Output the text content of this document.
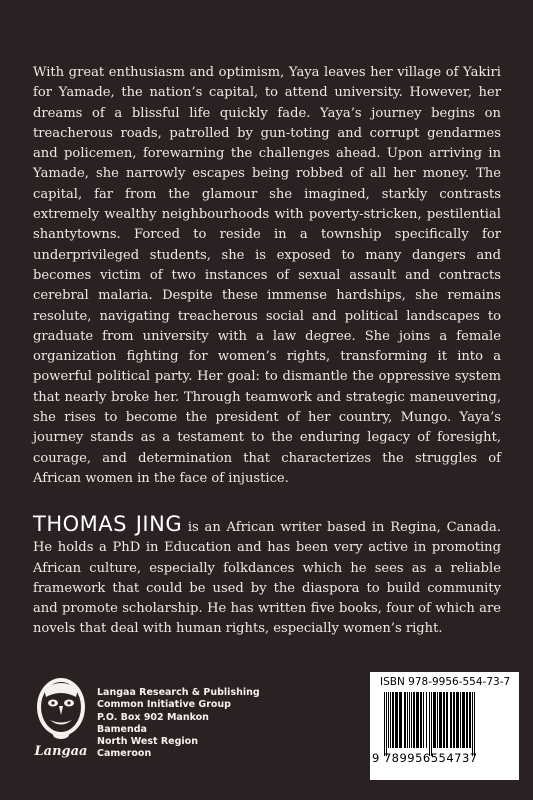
With great enthusiasm and optimism, Yaya leaves her village of Yakiri for Yamade, the nation’s capital, to attend university. However, her dreams of a blissful life quickly fade. Yaya’s journey begins on treacherous roads, patrolled by gun-toting and corrupt gendarmes and policemen, forewarning the challenges ahead. Upon arriving in Yamade, she narrowly escapes being robbed of all her money. The capital, far from the glamour she imagined, starkly contrasts extremely wealthy neighbourhoods with poverty-stricken, pestilential shantytowns. Forced to reside in a township specifically for underprivileged students, she is exposed to many dangers and becomes victim of two instances of sexual assault and contracts cerebral malaria. Despite these immense hardships, she remains resolute, navigating treacherous social and political landscapes to graduate from university with a law degree. She joins a female organization fighting for women’s rights, transforming it into a powerful political party. Her goal: to dismantle the oppressive system that nearly broke her. Through teamwork and strategic maneuvering, she rises to become the president of her country, Mungo. Yaya’s journey stands as a testament to the enduring legacy of foresight, courage, and determination that characterizes the struggles of African women in the face of injustice.

THOMAS JING is an African writer based in Regina, Canada. He holds a PhD in Education and has been very active in promoting African culture, especially folkdances which he sees as a reliable framework that could be used by the diaspora to build community and promote scholarship. He has written five books, four of which are novels that deal with human rights, especially women’s right.

Langaa
Langaa Research & Publishing
Common Initiative Group
P.O. Box 902 Mankon
Bamenda
North West Region
Cameroon
ISBN 978-9956-554-73-7
9 789956554737
